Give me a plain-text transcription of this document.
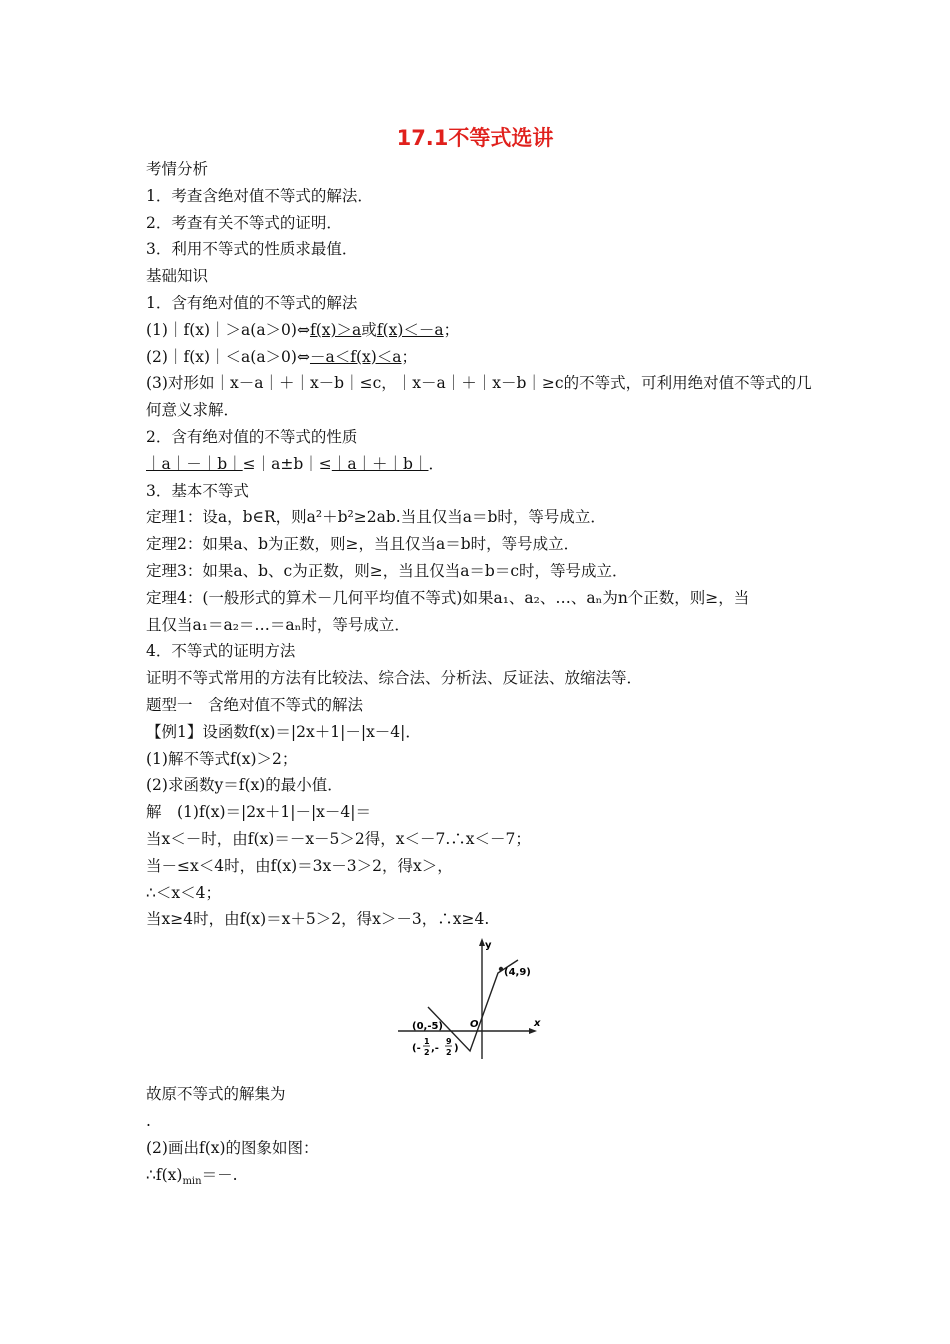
17.1不等式选讲
考情分析
1．考查含绝对值不等式的解法．
2．考查有关不等式的证明．
3．利用不等式的性质求最值．
基础知识
1．含有绝对值的不等式的解法
(1)｜f(x)｜＞a(a＞0)⇔f(x)＞a或f(x)＜－a；
(2)｜f(x)｜＜a(a＞0)⇔－a＜f(x)＜a；
(3)对形如｜x－a｜＋｜x－b｜≤c，｜x－a｜＋｜x－b｜≥c的不等式，可利用绝对值不等式的几
何意义求解．
2．含有绝对值的不等式的性质
｜a｜－｜b｜≤｜a±b｜≤｜a｜＋｜b｜．
3．基本不等式
定理1：设a，b∈R，则a²＋b²≥2ab.当且仅当a＝b时，等号成立．
定理2：如果a、b为正数，则≥，当且仅当a＝b时，等号成立．
定理3：如果a、b、c为正数，则≥，当且仅当a＝b＝c时，等号成立．
定理4：(一般形式的算术－几何平均值不等式)如果a₁、a₂、…、aₙ为n个正数，则≥，当
且仅当a₁＝a₂＝…＝aₙ时，等号成立．
4．不等式的证明方法
证明不等式常用的方法有比较法、综合法、分析法、反证法、放缩法等．
题型一　含绝对值不等式的解法
【例1】设函数f(x)＝|2x＋1|－|x－4|．
(1)解不等式f(x)＞2；
(2)求函数y＝f(x)的最小值．
解　(1)f(x)＝|2x＋1|－|x－4|＝
当x＜－时，由f(x)＝－x－5＞2得，x＜－7.∴x＜－7；
当－≤x＜4时，由f(x)＝3x－3＞2，得x＞，
∴＜x＜4；
当x≥4时，由f(x)＝x＋5＞2，得x＞－3，∴x≥4.
y
x
O
(4,9)
(0,-5)
(-
1
2 ,-
9
2 )
故原不等式的解集为
.
(2)画出f(x)的图象如图：
$\therefore f(x)_{min}=-$.
